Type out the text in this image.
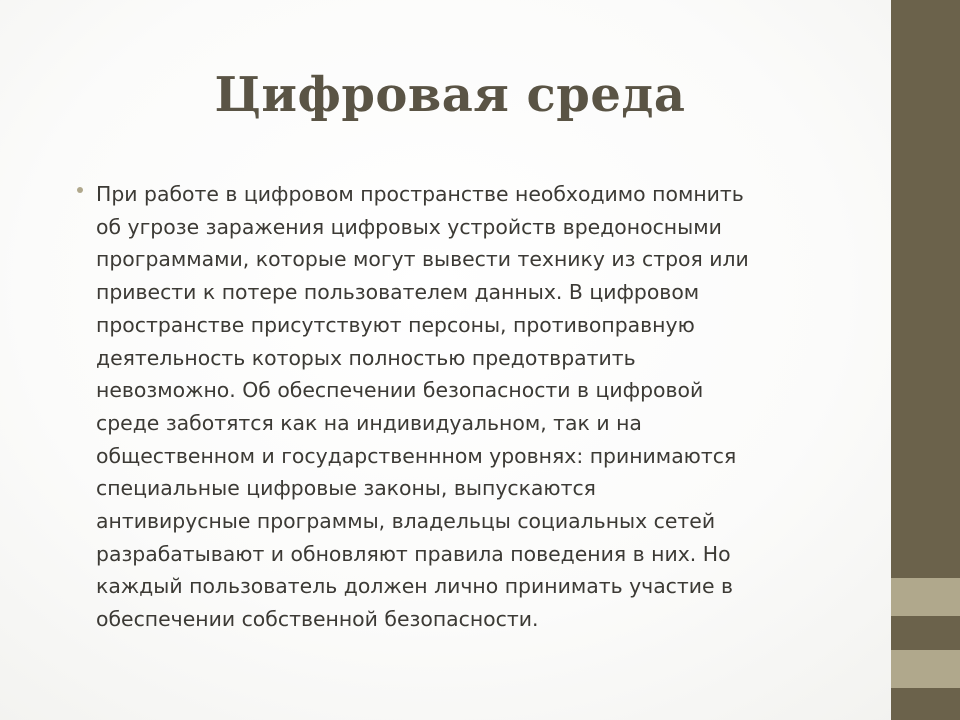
Цифровая среда
При работе в цифровом пространстве необходимо помнить
об угрозе заражения цифровых устройств вредоносными
программами, которые могут вывести технику из строя или
привести к потере пользователем данных. В цифровом
пространстве присутствуют персоны, противоправную
деятельность которых полностью предотвратить
невозможно. Об обеспечении безопасности в цифровой
среде заботятся как на индивидуальном, так и на
общественном и государственнном уровнях: принимаются
специальные цифровые законы, выпускаются
антивирусные программы, владельцы социальных сетей
разрабатывают и обновляют правила поведения в них. Но
каждый пользователь должен лично принимать участие в
обеспечении собственной безопасности.
